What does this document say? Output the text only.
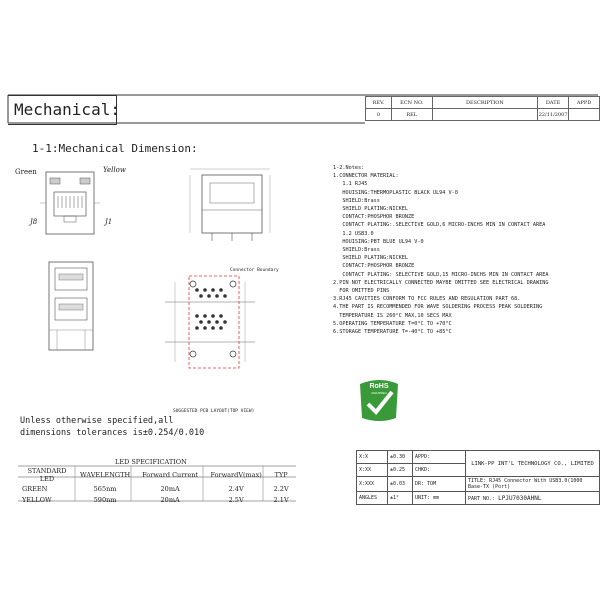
Mechanical:	REV.	ECN NO.	DESCRIPTION	DATE	APPD
0	REL		22/11/2007	
1-1:Mechanical Dimension:
Green	Yellow
J8	J1
Connector Boundary
SUGGESTED PCB LAYOUT(TOP VIEW)
1-2.Notes:
1.CONNECTOR MATERIAL:
1.1 RJ45
HOUISING:THERMOPLASTIC BLACK UL94 V-0
SHIELD:Brass
SHIELD PLATING:NICKEL
CONTACT:PHOSPHOR BRONZE
CONTACT PLATING:.SELECTIVE GOLD,6 MICRO-INCHS MIN IN CONTACT AREA
1.2 USB3.0
HOUISING:PBT BLUE UL94 V-0
SHIELD:Brass
SHIELD PLATING:NICKEL
CONTACT:PHOSPHOR BRONZE
CONTACT PLATING: SELECTIVE GOLD,15 MICRO-INCHS MIN IN CONTACT AREA
2.PIN NOT ELECTRICALLY CONNECTED MAYBE OMITTED SEE ELECTRICAL DRAWING
FOR OMITTED PINS
3.RJ45 CAVITIES CONFORM TO FCC RULES AND REGULATION PART 68.
4.THE PART IS RECOMMENDED FOR WAVE SOLDERING PROCESS PEAK SOLDERING
TEMPERATURE IS 260°C MAX,10 SECS MAX
5.OPERATING TEMPERATURE T=0°C TO +70°C
6.STORAGE TEMPERATURE T=-40°C TO +85°C
RoHS
2011/65/EU
Unless otherwise specified,all
dimensions tolerances is±0.254/0.010
LED SPECIFICATION
STANDARD LED	WAVELENGTH	Forward Current	ForwardV(max)	TYP
GREEN	565nm	20mA	2.4V	2.2V
YELLOW	590nm	20mA	2.5V	2.1V
X:X	±0.30	APPD:	LINK-PP INT'L TECHNOLOGY CO., LIMITED
X:XX	±0.25	CHKD:	
X:XXX	±0.03	DR: TOM	TITLE: RJ45 Connector With USB3.0(1000 Base-TX (Port)
ANGLES	±1°	UNIT: mm	PART NO.: LPJU7030AHNL
